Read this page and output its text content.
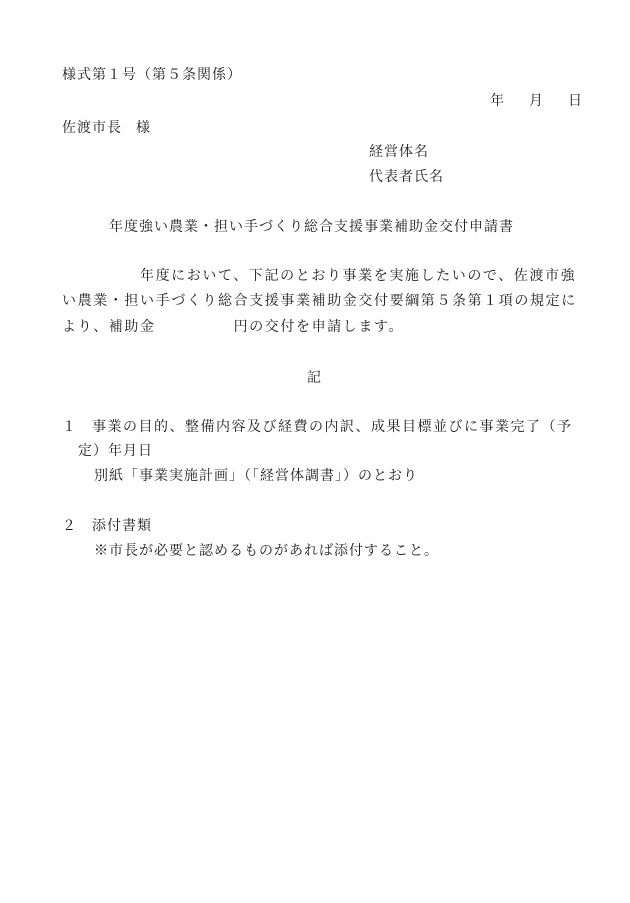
様式第１号（第５条関係）
年 月 日
佐渡市長 様
経営体名
代表者氏名
年度強い農業・担い手づくり総合支援事業補助金交付申請書
年度において、下記のとおり事業を実施したいので、佐渡市強
い農業・担い手づくり総合支援事業補助金交付要綱第５条第１項の規定に
より、補助金	円の交付を申請します。
記
１ 事業の目的、整備内容及び経費の内訳、成果目標並びに事業完了（予
定）年月日
別紙「事業実施計画」（「経営体調書」）のとおり
２ 添付書類
※市長が必要と認めるものがあれば添付すること。
